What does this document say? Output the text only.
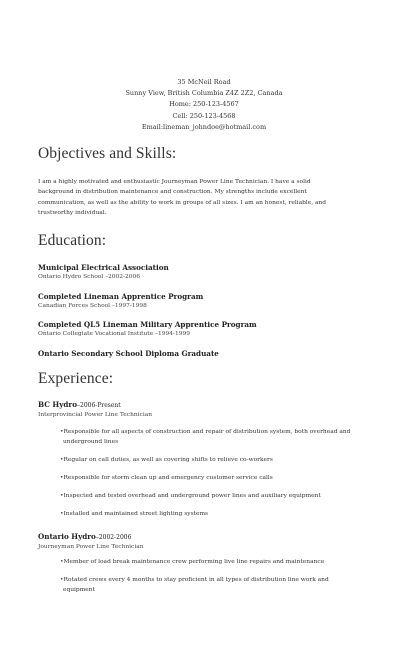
35 McNeil Road
Sunny View, British Columbia Z4Z 2Z2, Canada
Home: 250-123-4567
Cell: 250-123-4568
Email:lineman_johndoe@hotmail.com
Objectives and Skills:
I am a highly motivated and enthusiastic Journeyman Power Line Technician. I have a solid
background in distribution maintenance and construction. My strengths include excellent
communication, as well as the ability to work in groups of all sizes. I am an honest, reliable, and
trustworthy individual.
Education:
Municipal Electrical Association
Ontario Hydro School –2002-2006
Completed Lineman Apprentice Program
Canadian Forces School –1997-1998
Completed QL5 Lineman Military Apprentice Program
Ontario Collegiate Vocational Institute –1994-1999
Ontario Secondary School Diploma Graduate
Experience:
BC Hydro–2006-Present
Interprovincial Power Line Technician
•Responsible for all aspects of construction and repair of distribution system, both overhead and
underground lines
•Regular on call duties, as well as covering shifts to relieve co-workers
•Responsible for storm clean up and emergency customer service calls
•Inspected and tested overhead and underground power lines and auxiliary equipment
•Installed and maintained street lighting systems
Ontario Hydro–2002-2006
Journeyman Power Line Technician
•Member of load break maintenance crew performing live line repairs and maintenance
•Rotated crews every 4 months to stay proficient in all types of distribution line work and
equipment
